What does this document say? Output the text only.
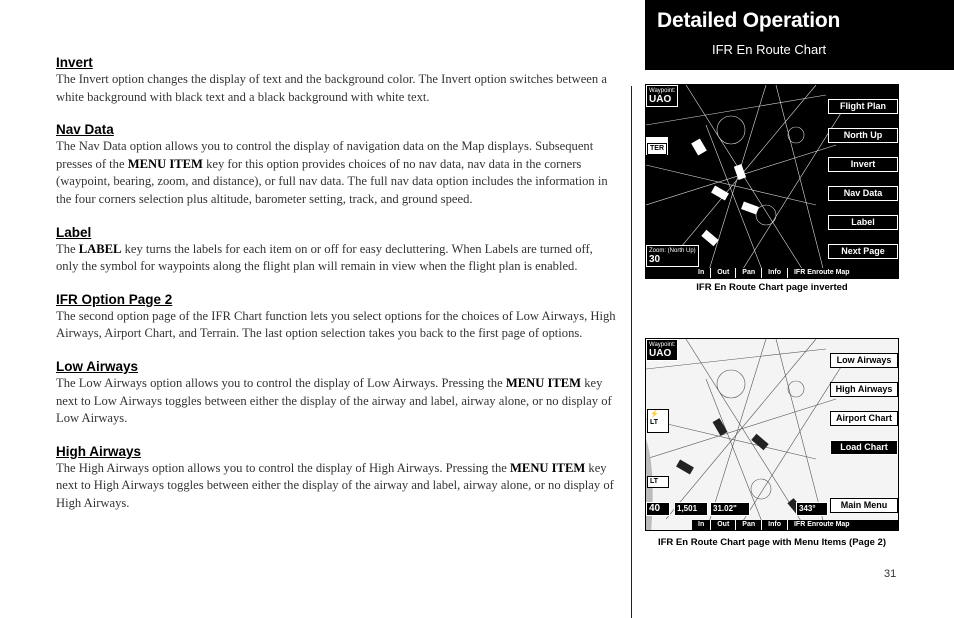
Detailed Operation
IFR En Route Chart
Invert
The Invert option changes the display of text and the background color. The Invert option switches between a white background with black text and a black background with white text.
Nav Data
The Nav Data option allows you to control the display of navigation data on the Map displays. Subsequent presses of the MENU ITEM key for this option provides choices of no nav data, nav data in the corners (waypoint, bearing, zoom, and distance), or full nav data. The full nav data option includes the information in the four corners selection plus altitude, barometer setting, track, and ground speed.
Label
The LABEL key turns the labels for each item on or off for easy decluttering. When Labels are turned off, only the symbol for waypoints along the flight plan will remain in view when the flight plan is enabled.
IFR Option Page 2
The second option page of the IFR Chart function lets you select options for the choices of Low Airways, High Airways, Airport Chart, and Terrain. The last option selection takes you back to the first page of options.
Low Airways
The Low Airways option allows you to control the display of Low Airways. Pressing the MENU ITEM key next to Low Airways toggles between either the display of the airway and label, airway alone, or no display of Low Airways.
High Airways
The High Airways option allows you to control the display of High Airways. Pressing the MENU ITEM key next to High Airways toggles between either the display of the airway and label, airway alone, or no display of High Airways.
Waypoint:
UAO
TER
Zoom: (North Up)
30
Flight Plan
North Up
Invert
Nav Data
Label
Next Page
In	Out	Pan	Info	IFR Enroute Map
IFR En Route Chart page inverted
Waypoint:
UAO
⚡
LT
LT
40	1,501	31.02"	343°
Low Airways
High Airways
Airport Chart
Load Chart
Main Menu
In	Out	Pan	Info	IFR Enroute Map
IFR En Route Chart page with Menu Items (Page 2)
31
